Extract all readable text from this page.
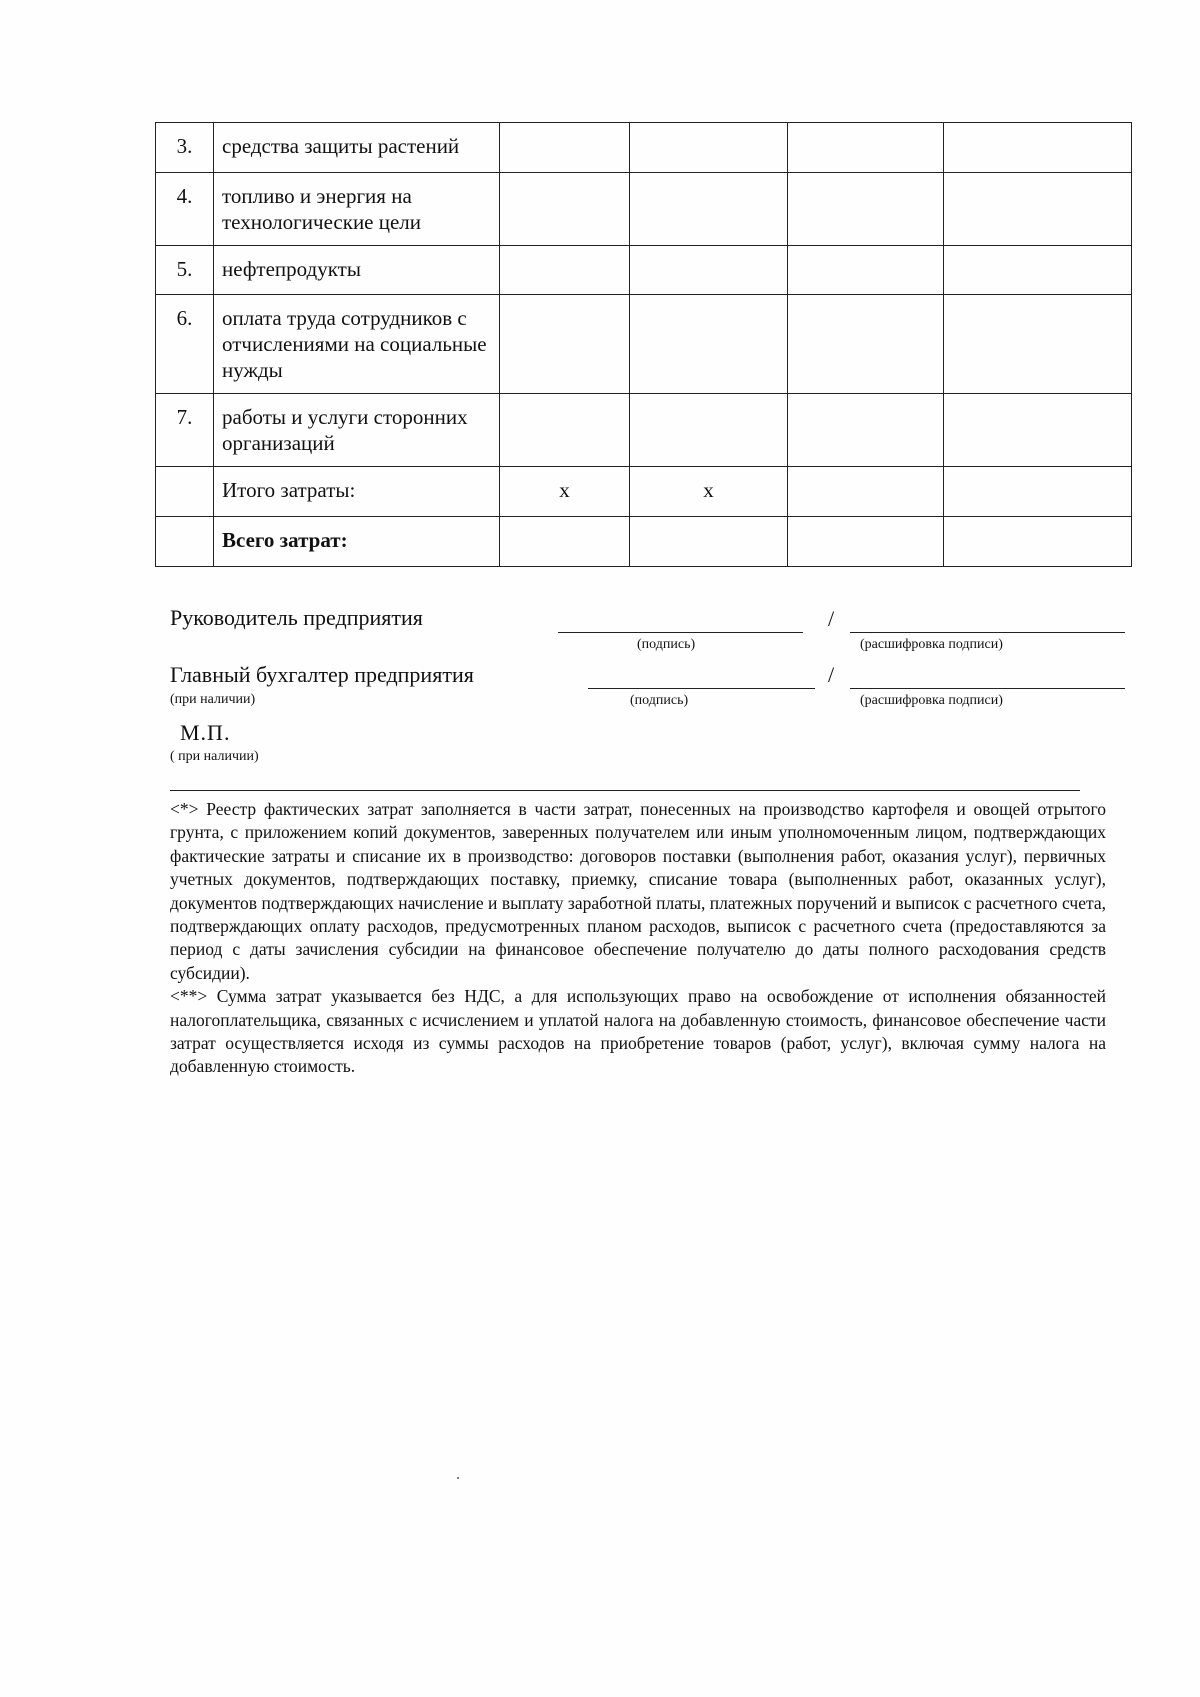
3.	средства защиты растений				
4.	топливо и энергия на технологические цели				
5.	нефтепродукты				
6.	оплата труда сотрудников с отчислениями на социальные нужды				
7.	работы и услуги сторонних организаций				
	Итого затраты:	х	х		
	Всего затрат:				
Руководитель предприятия	/
(подпись)	(расшифровка подписи)
Главный бухгалтер предприятия
(при наличии)
/
(подпись)	(расшифровка подписи)
М.П.
( при наличии)

<*> Реестр фактических затрат заполняется в части затрат, понесенных на производство картофеля и овощей отрытого грунта, с приложением копий документов, заверенных получателем или иным уполномоченным лицом, подтверждающих фактические затраты и списание их в производство: договоров поставки (выполнения работ, оказания услуг), первичных учетных документов, подтверждающих поставку, приемку, списание товара (выполненных работ, оказанных услуг), документов подтверждающих начисление и выплату заработной платы, платежных поручений и выписок с расчетного счета, подтверждающих оплату расходов, предусмотренных планом расходов, выписок с расчетного счета (предоставляются за период с даты зачисления субсидии на финансовое обеспечение получателю до даты полного расходования средств субсидии).

<**> Сумма затрат указывается без НДС, а для использующих право на освобождение от исполнения обязанностей налогоплательщика, связанных с исчислением и уплатой налога на добавленную стоимость, финансовое обеспечение части затрат осуществляется исходя из суммы расходов на приобретение товаров (работ, услуг), включая сумму налога на добавленную стоимость.
